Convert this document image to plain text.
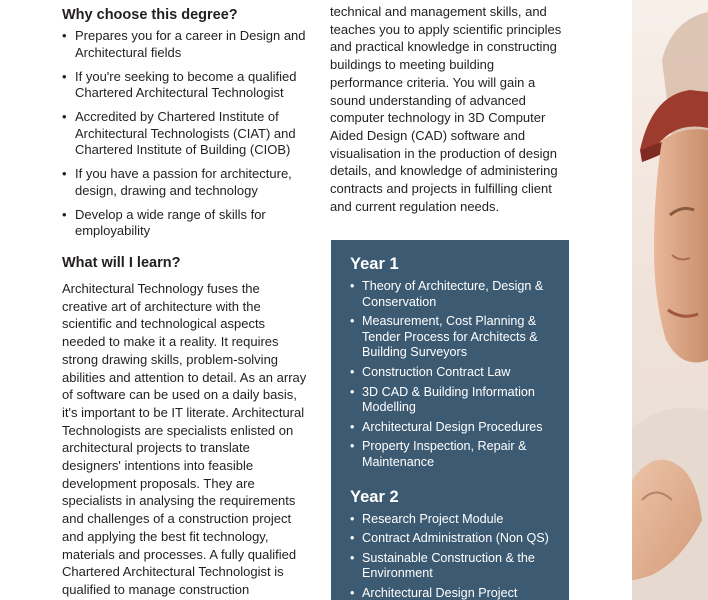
Why choose this degree?
• Prepares you for a career in Design and Architectural fields
• If you're seeking to become a qualified Chartered Architectural Technologist
• Accredited by Chartered Institute of Architectural Technologists (CIAT) and Chartered Institute of Building (CIOB)
• If you have a passion for architecture, design, drawing and technology
• Develop a wide range of skills for employability
What will I learn?
Architectural Technology fuses the creative art of architecture with the scientific and technological aspects needed to make it a reality. It requires strong drawing skills, problem-solving abilities and attention to detail. As an array of software can be used on a daily basis, it's important to be IT literate. Architectural Technologists are specialists enlisted on architectural projects to translate designers' intentions into feasible development proposals. They are specialists in analysing the requirements and challenges of a construction project and applying the best fit technology, materials and processes. A fully qualified Chartered Architectural Technologist is qualified to manage construction
technical and management skills, and teaches you to apply scientific principles and practical knowledge in constructing buildings to meeting building performance criteria. You will gain a sound understanding of advanced computer technology in 3D Computer Aided Design (CAD) software and visualisation in the production of design details, and knowledge of administering contracts and projects in fulfilling client and current regulation needs.
Year 1
• Theory of Architecture, Design & Conservation
• Measurement, Cost Planning & Tender Process for Architects & Building Surveyors
• Construction Contract Law
• 3D CAD & Building Information Modelling
• Architectural Design Procedures
• Property Inspection, Repair & Maintenance
Year 2
• Research Project Module
• Contract Administration (Non QS)
• Sustainable Construction & the Environment
• Architectural Design Project
